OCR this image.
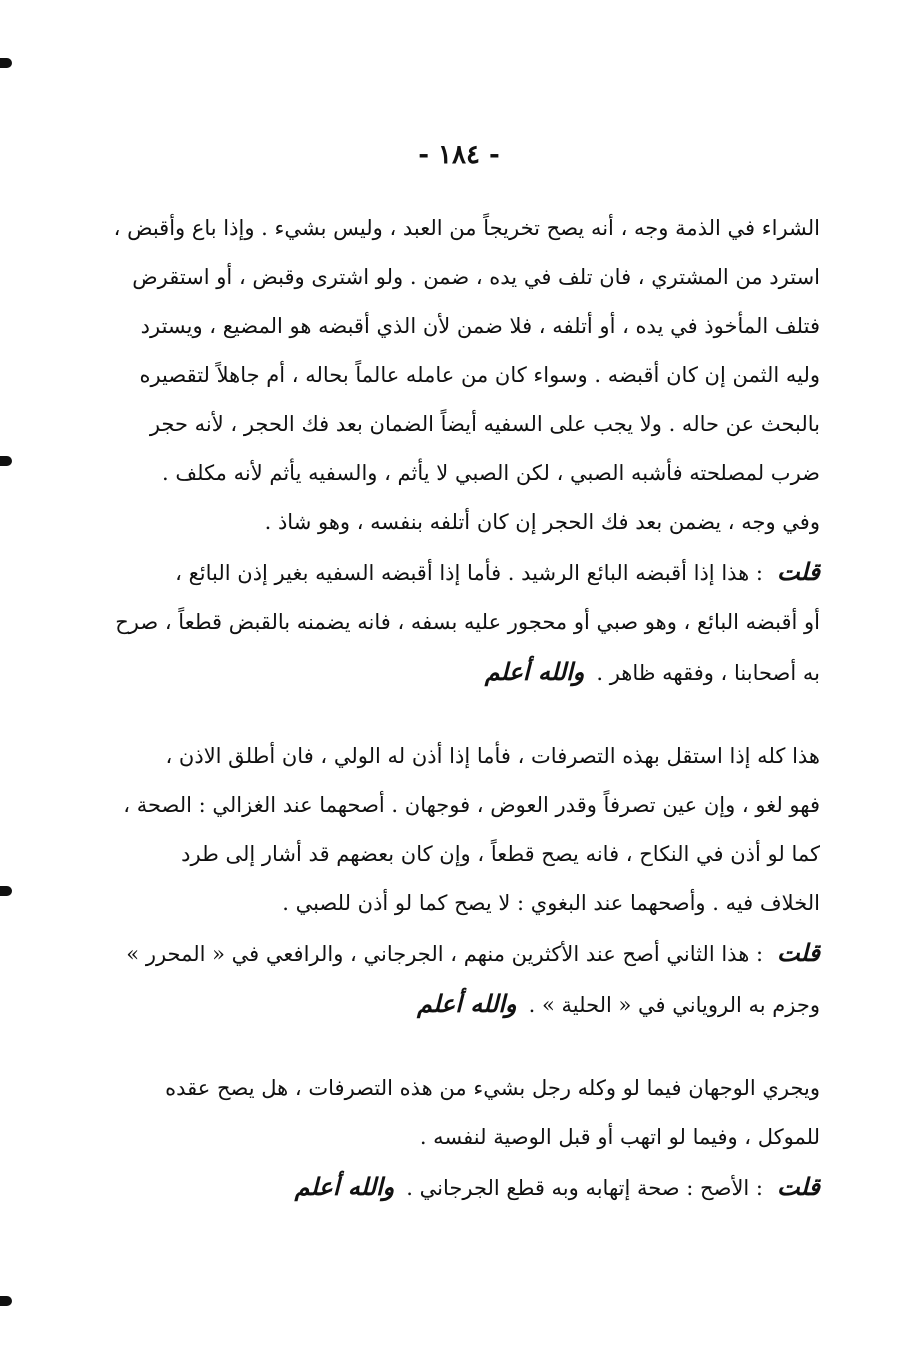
- ١٨٤ -
الشراء في الذمة وجه ، أنه يصح تخريجاً من العبد ، وليس بشيء . وإذا باع وأقبض ،
استرد من المشتري ، فان تلف في يده ، ضمن . ولو اشترى وقبض ، أو استقرض
فتلف المأخوذ في يده ، أو أتلفه ، فلا ضمن لأن الذي أقبضه هو المضيع ، ويسترد
وليه الثمن إن كان أقبضه . وسواء كان من عامله عالماً بحاله ، أم جاهلاً لتقصيره
بالبحث عن حاله . ولا يجب على السفيه أيضاً الضمان بعد فك الحجر ، لأنه حجر
ضرب لمصلحته فأشبه الصبي ، لكن الصبي لا يأثم ، والسفيه يأثم لأنه مكلف .
وفي وجه ، يضمن بعد فك الحجر إن كان أتلفه بنفسه ، وهو شاذ .
قلت: هذا إذا أقبضه البائع الرشيد . فأما إذا أقبضه السفيه بغير إذن البائع ،
أو أقبضه البائع ، وهو صبي أو محجور عليه بسفه ، فانه يضمنه بالقبض قطعاً ، صرح
به أصحابنا ، وفقهه ظاهر .والله أعلم
هذا كله إذا استقل بهذه التصرفات ، فأما إذا أذن له الولي ، فان أطلق الاذن ،
فهو لغو ، وإن عين تصرفاً وقدر العوض ، فوجهان . أصحهما عند الغزالي : الصحة ،
كما لو أذن في النكاح ، فانه يصح قطعاً ، وإن كان بعضهم قد أشار إلى طرد
الخلاف فيه . وأصحهما عند البغوي : لا يصح كما لو أذن للصبي .
قلت: هذا الثاني أصح عند الأكثرين منهم ، الجرجاني ، والرافعي في « المحرر »
وجزم به الروياني في « الحلية » .والله أعلم
ويجري الوجهان فيما لو وكله رجل بشيء من هذه التصرفات ، هل يصح عقده
للموكل ، وفيما لو اتهب أو قبل الوصية لنفسه .
قلت: الأصح : صحة إتهابه وبه قطع الجرجاني .والله أعلم
